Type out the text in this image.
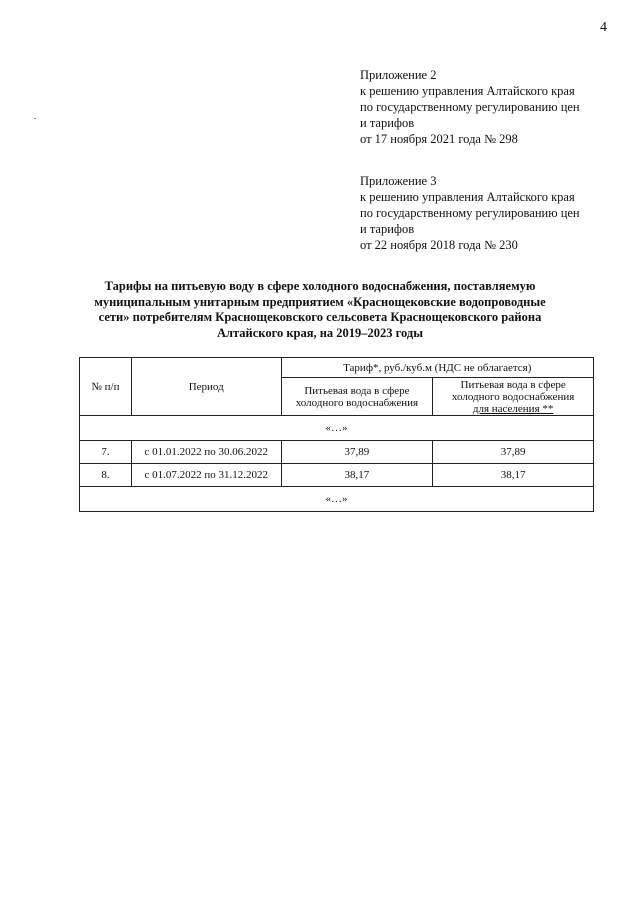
4
Приложение 2
к решению управления Алтайского края
по государственному регулированию цен
и тарифов
от 17 ноября 2021 года № 298
Приложение 3
к решению управления Алтайского края
по государственному регулированию цен
и тарифов
от 22 ноября 2018 года № 230
Тарифы на питьевую воду в сфере холодного водоснабжения, поставляемую
муниципальным унитарным предприятием «Краснощековские водопроводные
сети» потребителям Краснощековского сельсовета Краснощековского района
Алтайского края, на 2019–2023 годы
№ п/п	Период	Тариф*, руб./куб.м (НДС не облагается)	
		Питьевая вода в сфере холодного водоснабжения	Питьевая вода в сфере холодного водоснабжения
для населения **
«…»			
7.	с 01.01.2022 по 30.06.2022	37,89	37,89
8.	с 01.07.2022 по 31.12.2022	38,17	38,17
«…»			
